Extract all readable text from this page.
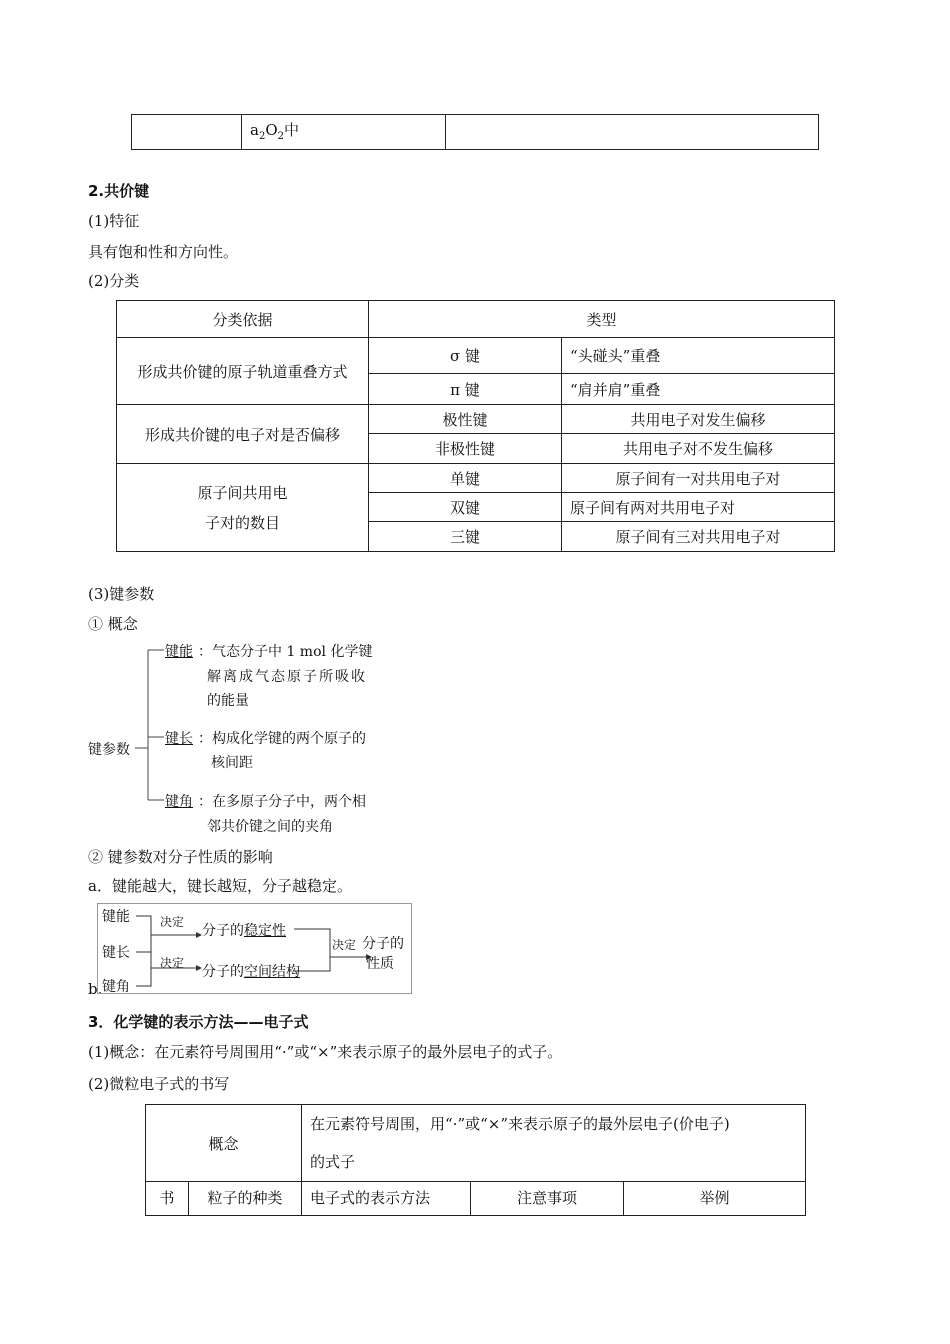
	$a_2O_2$中	
2.共价键
(1)特征
具有饱和性和方向性。
(2)分类
分类依据	类型	
形成共价键的原子轨道重叠方式	σ 键	“头碰头”重叠
	π 键	“肩并肩”重叠
形成共价键的电子对是否偏移	极性键	共用电子对发生偏移
	非极性键	共用电子对不发生偏移

原子间共用电
子对的数目	单键	原子间有一对共用电子对
	双键	原子间有两对共用电子对
	三键	原子间有三对共用电子对
(3)键参数
① 概念
键参数
键能 ：气态分子中 1 mol 化学键
解离成气态原子所吸收
的能量
键长 ：构成化学键的两个原子的
核间距
键角 ：在多原子分子中，两个相
邻共价键之间的夹角
② 键参数对分子性质的影响
a．键能越大，键长越短，分子越稳定。
b.
键能
键长
键角
决定
决定
分子的稳定性
分子的空间结构
决定 分子的
性质
3．化学键的表示方法——电子式
(1)概念：在元素符号周围用“·”或“×”来表示原子的最外层电子的式子。
(2)微粒电子式的书写
概念		在元素符号周围，用“·”或“×”来表示原子的最外层电子(价电子)
的式子		

书	粒子的种类	电子式的表示方法	注意事项	举例
